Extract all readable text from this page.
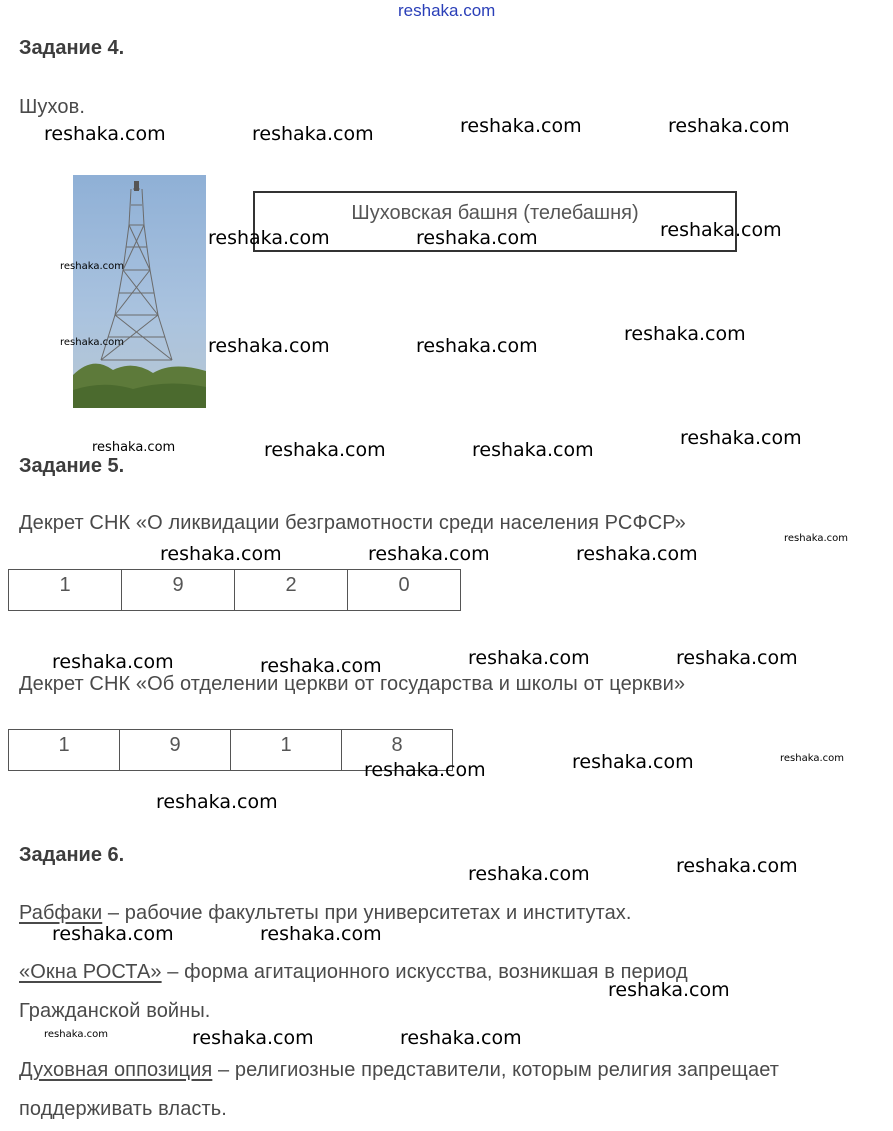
reshaka.com
Задание 4.
Шухов.
Шуховская башня (телебашня)
Задание 5.
Декрет СНК «О ликвидации безграмотности среди населения РСФСР»
1	9	2	0
Декрет СНК «Об отделении церкви от государства и школы от церкви»
1	9	1	8
Задание 6.
Рабфаки – рабочие факультеты при университетах и институтах.
«Окна РОСТА» – форма агитационного искусства, возникшая в период
Гражданской войны.
Духовная оппозиция – религиозные представители, которым религия запрещает
поддерживать власть.
reshaka.com	reshaka.com	reshaka.com	reshaka.com
reshaka.com	reshaka.com	reshaka.com
reshaka.com	reshaka.com
reshaka.com
reshaka.com	reshaka.com
reshaka.com
reshaka.com	reshaka.com	reshaka.com
reshaka.com	reshaka.com	reshaka.com	reshaka.com
reshaka.com	reshaka.com
reshaka.com
reshaka.com	reshaka.com
reshaka.com	reshaka.com
reshaka.com
reshaka.com	reshaka.com
reshaka.com
reshaka.com
reshaka.com
reshaka.com
reshaka.com
reshaka.com
